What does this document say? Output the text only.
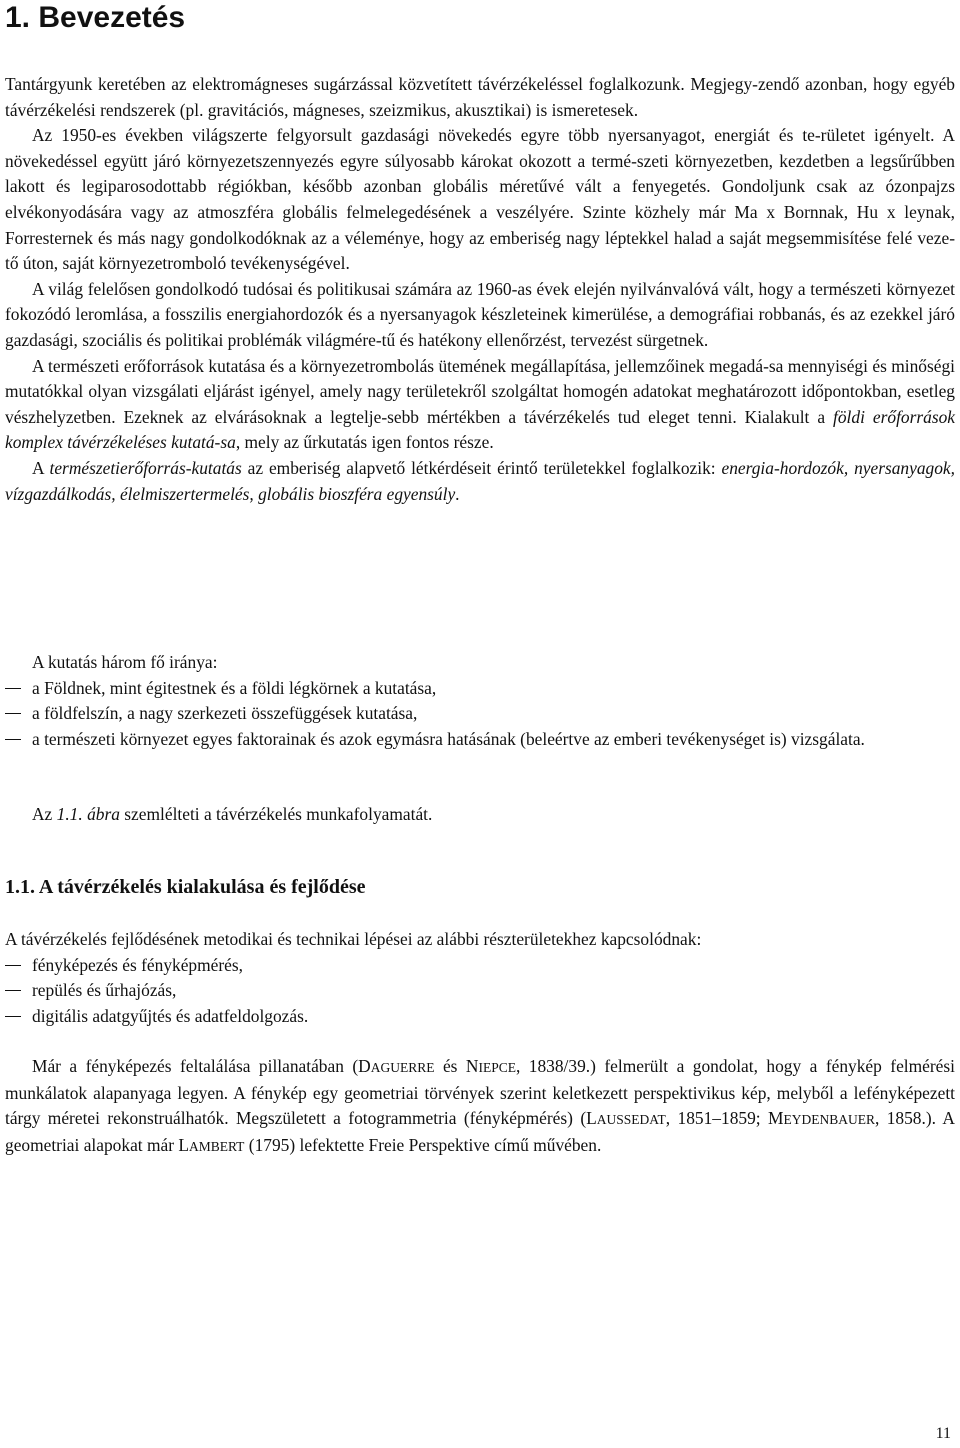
1. Bevezetés

Tantárgyunk keretében az elektromágneses sugárzással közvetített távérzékeléssel foglalkozunk. Megjegy-zendő azonban, hogy egyéb távérzékelési rendszerek (pl. gravitációs, mágneses, szeizmikus, akusztikai) is ismeretesek.

Az 1950-es években világszerte felgyorsult gazdasági növekedés egyre több nyersanyagot, energiát és te-rületet igényelt. A növekedéssel együtt járó környezetszennyezés egyre súlyosabb károkat okozott a termé-szeti környezetben, kezdetben a legsűrűbben lakott és legiparosodottabb régiókban, később azonban globális méretűvé vált a fenyegetés. Gondoljunk csak az ózonpajzs elvékonyodására vagy az atmoszféra globális felmelegedésének a veszélyére. Szinte közhely már Ma x Bornnak, Hu x leynak, Forresternek és más nagy gondolkodóknak az a véleménye, hogy az emberiség nagy léptekkel halad a saját megsemmisítése felé veze-tő úton, saját környezetromboló tevékenységével.

A világ felelősen gondolkodó tudósai és politikusai számára az 1960-as évek elején nyilvánvalóvá vált, hogy a természeti környezet fokozódó leromlása, a fosszilis energiahordozók és a nyersanyagok készleteinek kimerülése, a demográfiai robbanás, és az ezekkel járó gazdasági, szociális és politikai problémák világmére-tű és hatékony ellenőrzést, tervezést sürgetnek.

A természeti erőforrások kutatása és a környezetrombolás ütemének megállapítása, jellemzőinek megadá-sa mennyiségi és minőségi mutatókkal olyan vizsgálati eljárást igényel, amely nagy területekről szolgáltat homogén adatokat meghatározott időpontokban, esetleg vészhelyzetben. Ezeknek az elvárásoknak a legtelje-sebb mértékben a távérzékelés tud eleget tenni. Kialakult a földi erőforrások komplex távérzékeléses kutatá-sa, mely az űrkutatás igen fontos része.

A természetierőforrás-kutatás az emberiség alapvető létkérdéseit érintő területekkel foglalkozik: energia-hordozók, nyersanyagok, vízgazdálkodás, élelmiszertermelés, globális bioszféra egyensúly.

A kutatás három fő iránya:

a Földnek, mint égitestnek és a földi légkörnek a kutatása,
a földfelszín, a nagy szerkezeti összefüggések kutatása,
a természeti környezet egyes faktorainak és azok egymásra hatásának (beleértve az emberi tevékenységet is) vizsgálata.

Az 1.1. ábra szemlélteti a távérzékelés munkafolyamatát.

1.1. A távérzékelés kialakulása és fejlődése

A távérzékelés fejlődésének metodikai és technikai lépései az alábbi részterületekhez kapcsolódnak:

fényképezés és fényképmérés,
repülés és űrhajózás,
digitális adatgyűjtés és adatfeldolgozás.

Már a fényképezés feltalálása pillanatában (DAGUERRE és NIEPCE, 1838/39.) felmerült a gondolat, hogy a fénykép felmérési munkálatok alapanyaga legyen. A fénykép egy geometriai törvények szerint keletkezett perspektivikus kép, melyből a lefényképezett tárgy méretei rekonstruálhatók. Megszületett a fotogrammetria (fényképmérés) (LAUSSEDAT, 1851–1859; MEYDENBAUER, 1858.). A geometriai alapokat már LAMBERT (1795) lefektette Freie Perspektive című művében.

11
